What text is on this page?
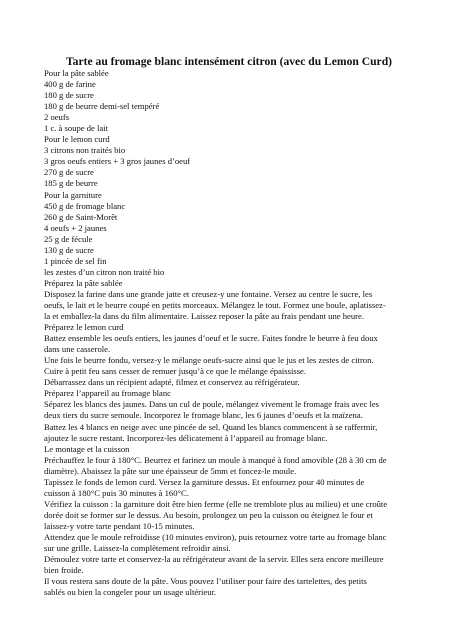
Tarte au fromage blanc intensément citron (avec du Lemon Curd)
Pour la pâte sablée
400 g de farine
180 g de sucre
180 g de beurre demi-sel tempéré
2 oeufs
1 c. à soupe de lait
Pour le lemon curd
3 citrons non traités bio
3 gros oeufs entiers + 3 gros jaunes d’oeuf
270 g de sucre
185 g de beurre
Pour la garniture
450 g de fromage blanc
260 g de Saint-Morêt
4 oeufs + 2 jaunes
25 g de fécule
130 g de sucre
1 pincée de sel fin
les zestes d’un citron non traité bio
Préparez la pâte sablée
Disposez la farine dans une grande jatte et creusez-y une fontaine. Versez au centre le sucre, les
oeufs, le lait et le beurre coupé en petits morceaux. Mélangez le tout. Formez une boule, aplatissez-
la et emballez-la dans du film alimentaire. Laissez reposer la pâte au frais pendant une heure.
Préparez le lemon curd
Battez ensemble les oeufs entiers, les jaunes d’oeuf et le sucre. Faites fondre le beurre à feu doux
dans une casserole.
Une fois le beurre fondu, versez-y le mélange oeufs-sucre ainsi que le jus et les zestes de citron.
Cuire à petit feu sans cesser de remuer jusqu’à ce que le mélange épaississe.
Débarrassez dans un récipient adapté, filmez et conservez au réfrigérateur.
Préparez l’appareil au fromage blanc
Séparez les blancs des jaunes. Dans un cul de poule, mélangez vivement le fromage frais avec les
deux tiers du sucre semoule. Incorporez le fromage blanc, les 6 jaunes d’oeufs et la maïzena.
Battez les 4 blancs en neige avec une pincée de sel. Quand les blancs commencent à se raffermir,
ajoutez le sucre restant. Incorporez-les délicatement à l’appareil au fromage blanc.
Le montage et la cuisson
Préchauffez le four à 180°C. Beurrez et farinez un moule à manqué à fond amovible (28 à 30 cm de
diamètre). Abaissez la pâte sur une épaisseur de 5mm et foncez-le moule.
Tapissez le fonds de lemon curd. Versez la garniture dessus. Et enfournez pour 40 minutes de
cuisson à 180°C puis 30 minutes à 160°C.
Vérifiez la cuisson : la garniture doit être bien ferme (elle ne tremblote plus au milieu) et une croûte
dorée doit se former sur le dessus. Au besoin, prolongez un peu la cuisson ou éteignez le four et
laissez-y votre tarte pendant 10-15 minutes.
Attendez que le moule refroidisse (10 minutes environ), puis retournez votre tarte au fromage blanc
sur une grille. Laissez-la complètement refroidir ainsi.
Démoulez votre tarte et conservez-la au réfrigérateur avant de la servir. Elles sera encore meilleure
bien froide.
Il vous restera sans doute de la pâte. Vous pouvez l’utiliser pour faire des tartelettes, des petits
sablés ou bien la congeler pour un usage ultérieur.
